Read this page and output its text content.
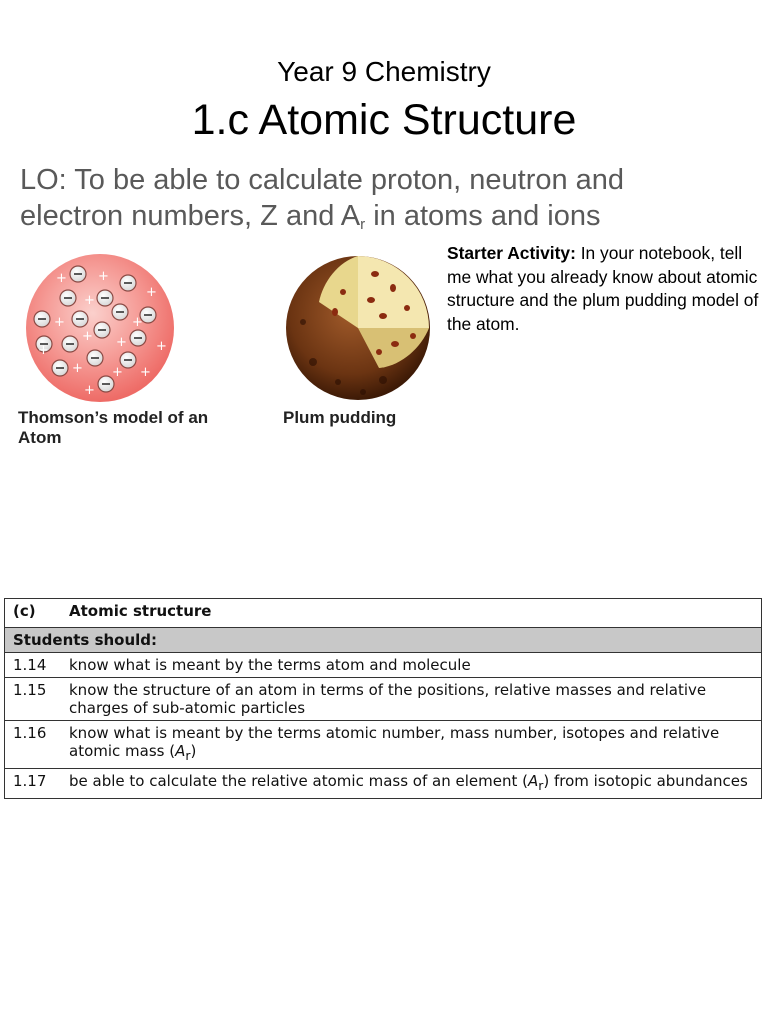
Year 9 Chemistry
1.c Atomic Structure
LO: To be able to calculate proton, neutron and
electron numbers, Z and $A_r$ in atoms and ions
Starter Activity: In your notebook, tell me what you already know about atomic structure and the plum pudding model of the atom.
+ +
+
+
+	+
+ + +
+
+ + +
+
Thomson’s model of an Atom
Plum pudding
(c)	Atomic structure
Students should:	
1.14	know what is meant by the terms atom and molecule
1.15	know the structure of an atom in terms of the positions, relative masses and relative charges of sub-atomic particles
1.16	know what is meant by the terms atomic number, mass number, isotopes and relative atomic mass $(A_r)$
1.17	be able to calculate the relative atomic mass of an element $(A_r)$ from isotopic abundances
